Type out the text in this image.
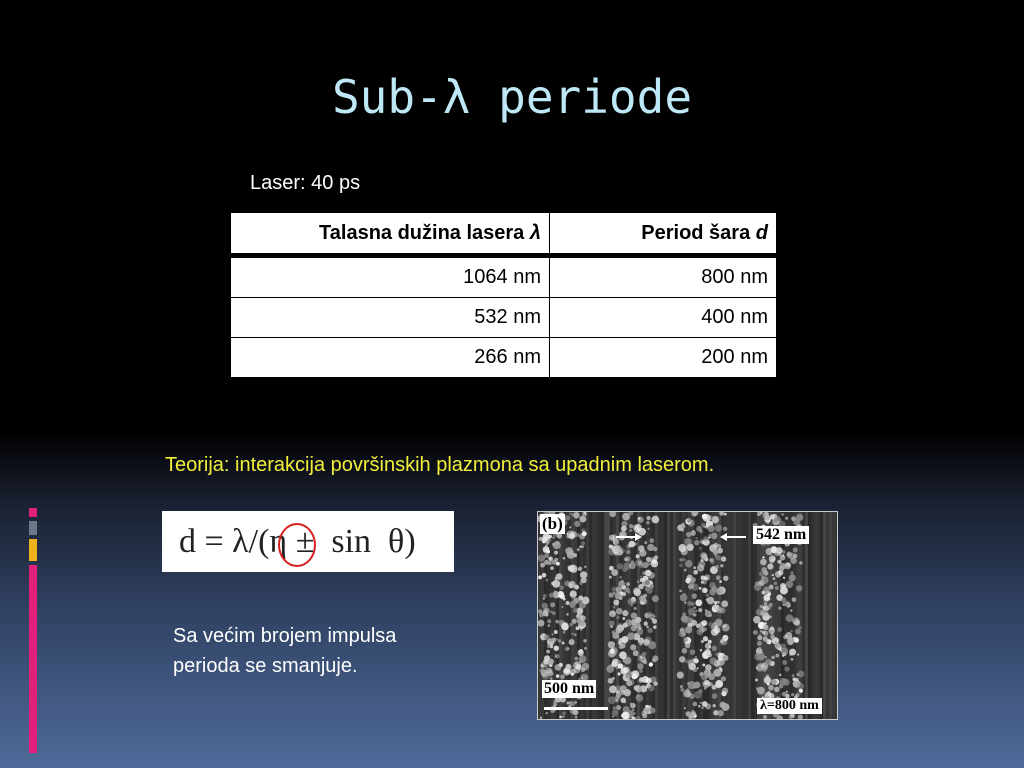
Sub-λ periode
Laser: 40 ps
Talasna dužina lasera λ	Period šara d
1064 nm	800 nm
532 nm	400 nm
266 nm	200 nm
Teorija: interakcija površinskih plazmona sa upadnim laserom.
d = λ/(η ±  sin  θ)
Sa većim brojem impulsa
perioda se smanjuje.
(b)
542 nm
500 nm
λ=800 nm
